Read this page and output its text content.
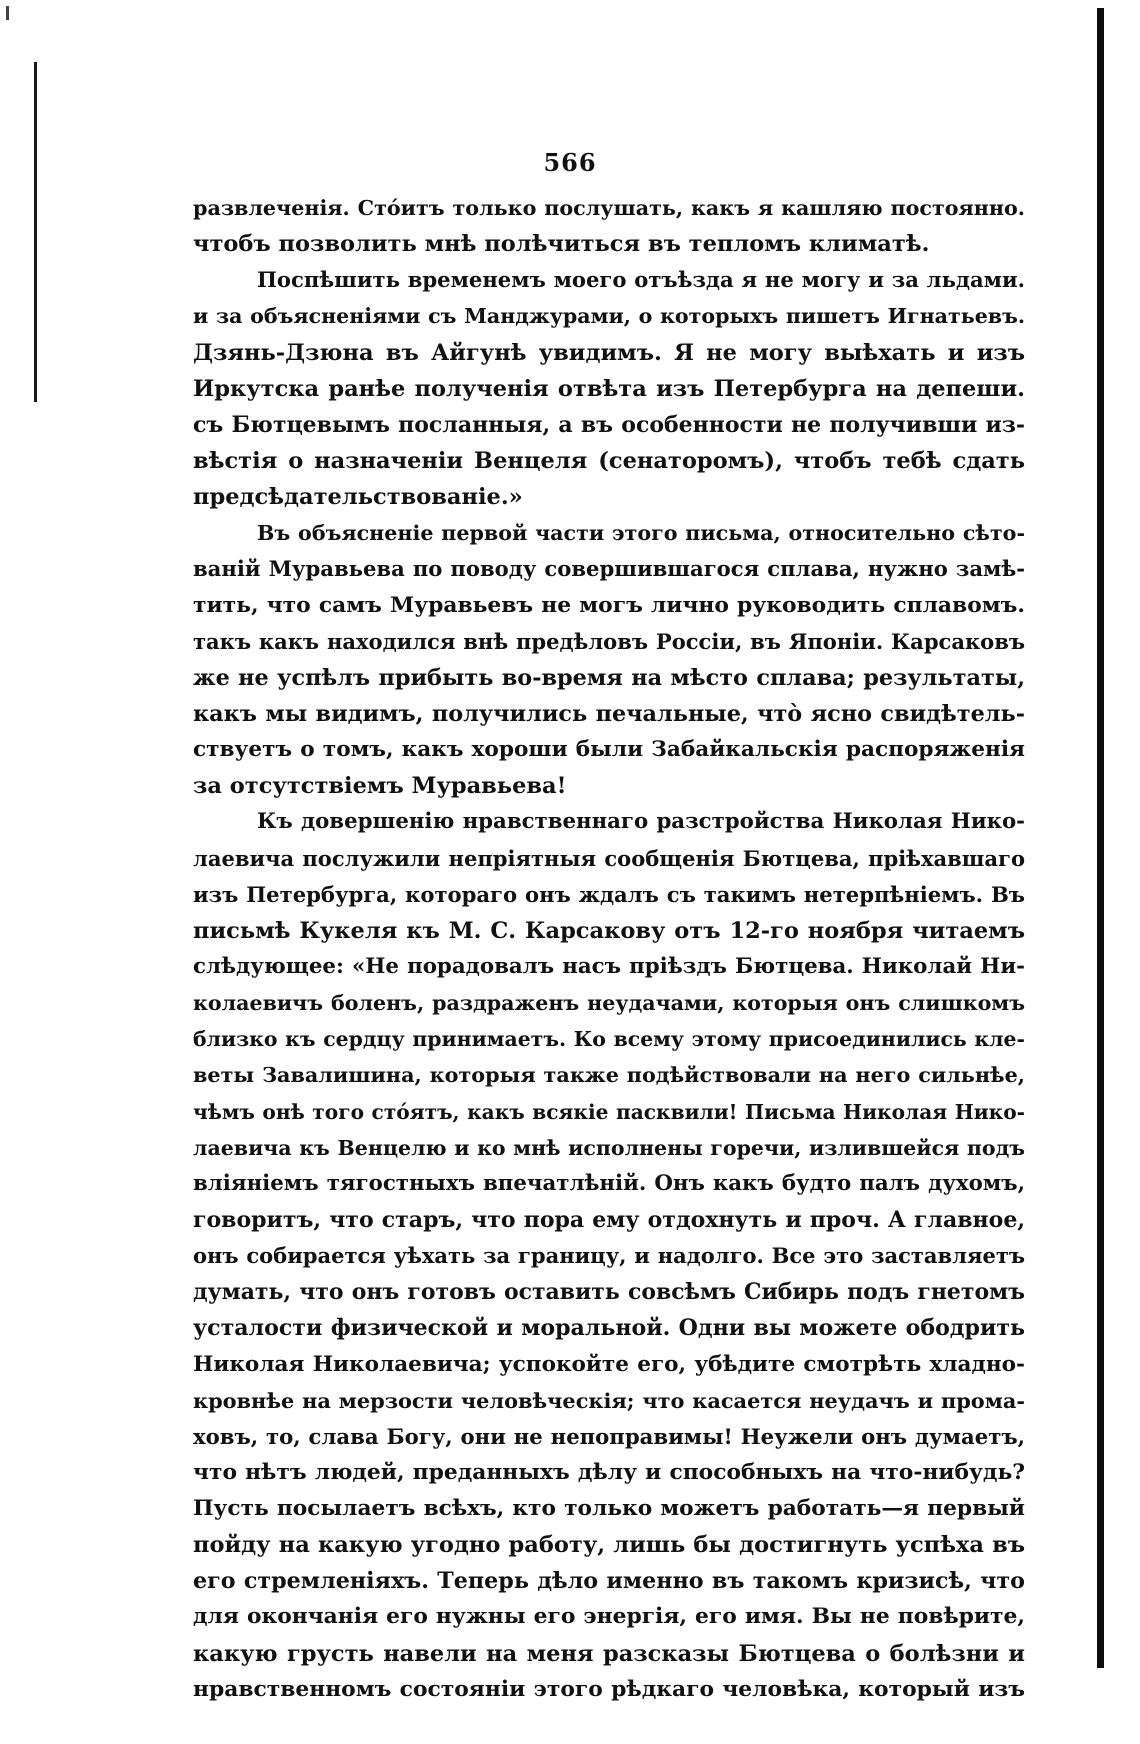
566
развлеченія. Стóитъ только послушать, какъ я кашляю постоянно.
чтобъ позволить мнѣ полѣчиться въ тепломъ климатѣ.
Поспѣшить временемъ моего отъѣзда я не могу и за льдами.
и за объясненіями съ Манджурами, о которыхъ пишетъ Игнатьевъ.
Дзянь-Дзюна въ Айгунѣ увидимъ. Я не могу выѣхать и изъ
Иркутска ранѣе полученія отвѣта изъ Петербурга на депеши.
съ Бютцевымъ посланныя, а въ особенности не получивши из-
вѣстія о назначеніи Венцеля (сенаторомъ), чтобъ тебѣ сдать
предсѣдательствованіе.»
Въ объясненіе первой части этого письма, относительно сѣто-
ваній Муравьева по поводу совершившагося сплава, нужно замѣ-
тить, что самъ Муравьевъ не могъ лично руководить сплавомъ.
такъ какъ находился внѣ предѣловъ Россіи, въ Японіи. Карсаковъ
же не успѣлъ прибыть во-время на мѣсто сплава; результаты,
какъ мы видимъ, получились печальные, чтò ясно свидѣтель-
ствуетъ о томъ, какъ хороши были Забайкальскія распоряженія
за отсутствіемъ Муравьева!
Къ довершенію нравственнаго разстройства Николая Нико-
лаевича послужили непріятныя сообщенія Бютцева, пріѣхавшаго
изъ Петербурга, котораго онъ ждалъ съ такимъ нетерпѣніемъ. Въ
письмѣ Кукеля къ М. С. Карсакову отъ 12-го ноября читаемъ
слѣдующее: «Не порадовалъ насъ пріѣздъ Бютцева. Николай Ни-
колаевичъ боленъ, раздраженъ неудачами, которыя онъ слишкомъ
близко къ сердцу принимаетъ. Ко всему этому присоединились кле-
веты Завалишина, которыя также подѣйствовали на него сильнѣе,
чѣмъ онѣ того стóятъ, какъ всякіе пасквили! Письма Николая Нико-
лаевича къ Венцелю и ко мнѣ исполнены горечи, излившейся подъ
вліяніемъ тягостныхъ впечатлѣній. Онъ какъ будто палъ духомъ,
говоритъ, что старъ, что пора ему отдохнуть и проч. А главное,
онъ собирается уѣхать за границу, и надолго. Все это заставляетъ
думать, что онъ готовъ оставить совсѣмъ Сибирь подъ гнетомъ
усталости физической и моральной. Одни вы можете ободрить
Николая Николаевича; успокойте его, убѣдите смотрѣть хладно-
кровнѣе на мерзости человѣческія; что касается неудачъ и прома-
ховъ, то, слава Богу, они не непоправимы! Неужели онъ думаетъ,
что нѣтъ людей, преданныхъ дѣлу и способныхъ на что-нибудь?
Пусть посылаетъ всѣхъ, кто только можетъ работать—я первый
пойду на какую угодно работу, лишь бы достигнуть успѣха въ
его стремленіяхъ. Теперь дѣло именно въ такомъ кризисѣ, что
для окончанія его нужны его энергія, его имя. Вы не повѣрите,
какую грусть навели на меня разсказы Бютцева о болѣзни и
нравственномъ состояніи этого рѣдкаго человѣка, который изъ
